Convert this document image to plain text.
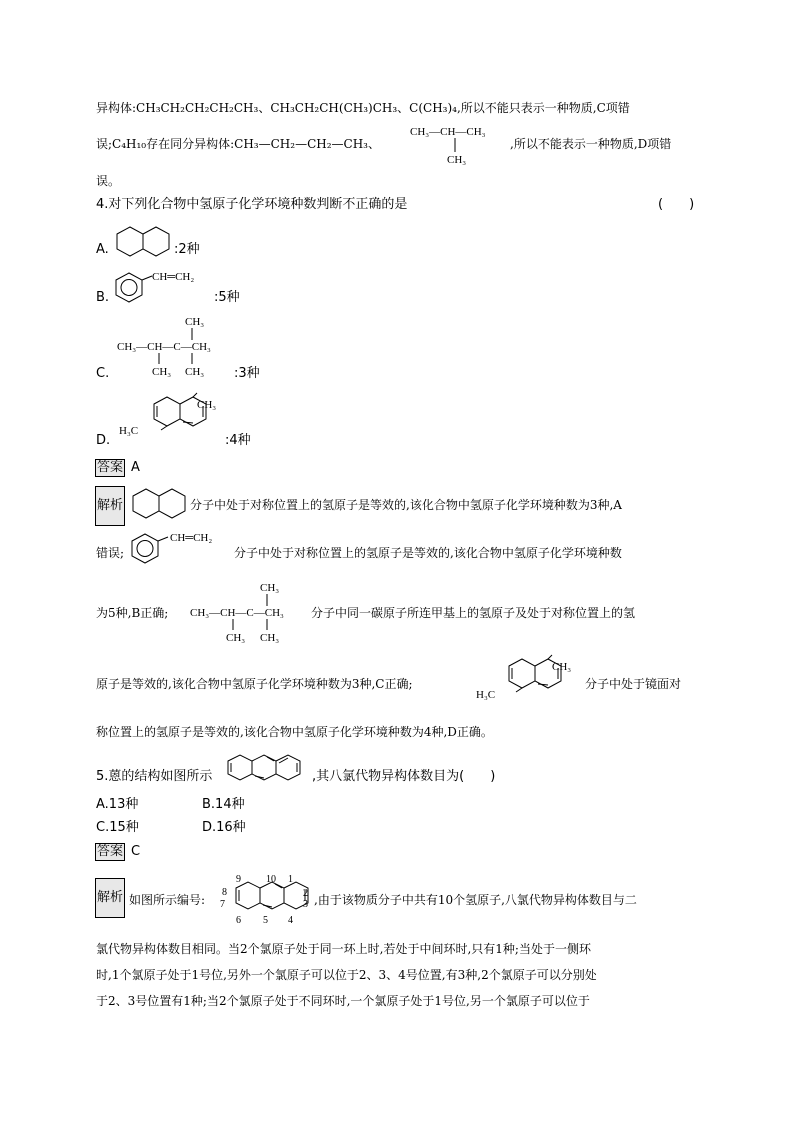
异构体:CH₃CH₂CH₂CH₂CH₃、CH₃CH₂CH(CH₃)CH₃、C(CH₃)₄,所以不能只表示一种物质,C项错
误;C₄H₁₀存在同分异构体:CH₃—CH₂—CH₂—CH₃、
CH₃—CH—CH₃
CH₃
,所以不能表示一种物质,D项错
误。
4.对下列化合物中氢原子化学环境种数判断不正确的是	(　　)
A.	:2种
B.
CH═CH₂
:5种
C.
CH₃
CH₃—CH—C—CH₃
CH₃ CH₃ :3种
D.
CH₃
H₃C
:4种
答案 A
解析	分子中处于对称位置上的氢原子是等效的,该化合物中氢原子化学环境种数为3种,A
错误;
CH═CH₂
分子中处于对称位置上的氢原子是等效的,该化合物中氢原子化学环境种数
为5种,B正确;
CH₃
CH₃—CH—C—CH₃
CH₃ CH₃
分子中同一碳原子所连甲基上的氢原子及处于对称位置上的氢
原子是等效的,该化合物中氢原子化学环境种数为3种,C正确;
CH₃
H₃C
分子中处于镜面对
称位置上的氢原子是等效的,该化合物中氢原子化学环境种数为4种,D正确。
5.蒽的结构如图所示	,其八氯代物异构体数目为(　　)
A.13种	B.14种
C.15种	D.16种
答案 C
解析 如图所示编号:
9	10 1
8
7
2
3
6 5 4
,由于该物质分子中共有10个氢原子,八氯代物异构体数目与二
氯代物异构体数目相同。当2个氯原子处于同一环上时,若处于中间环时,只有1种;当处于一侧环
时,1个氯原子处于1号位,另外一个氯原子可以位于2、3、4号位置,有3种,2个氯原子可以分别处
于2、3号位置有1种;当2个氯原子处于不同环时,一个氯原子处于1号位,另一个氯原子可以位于
